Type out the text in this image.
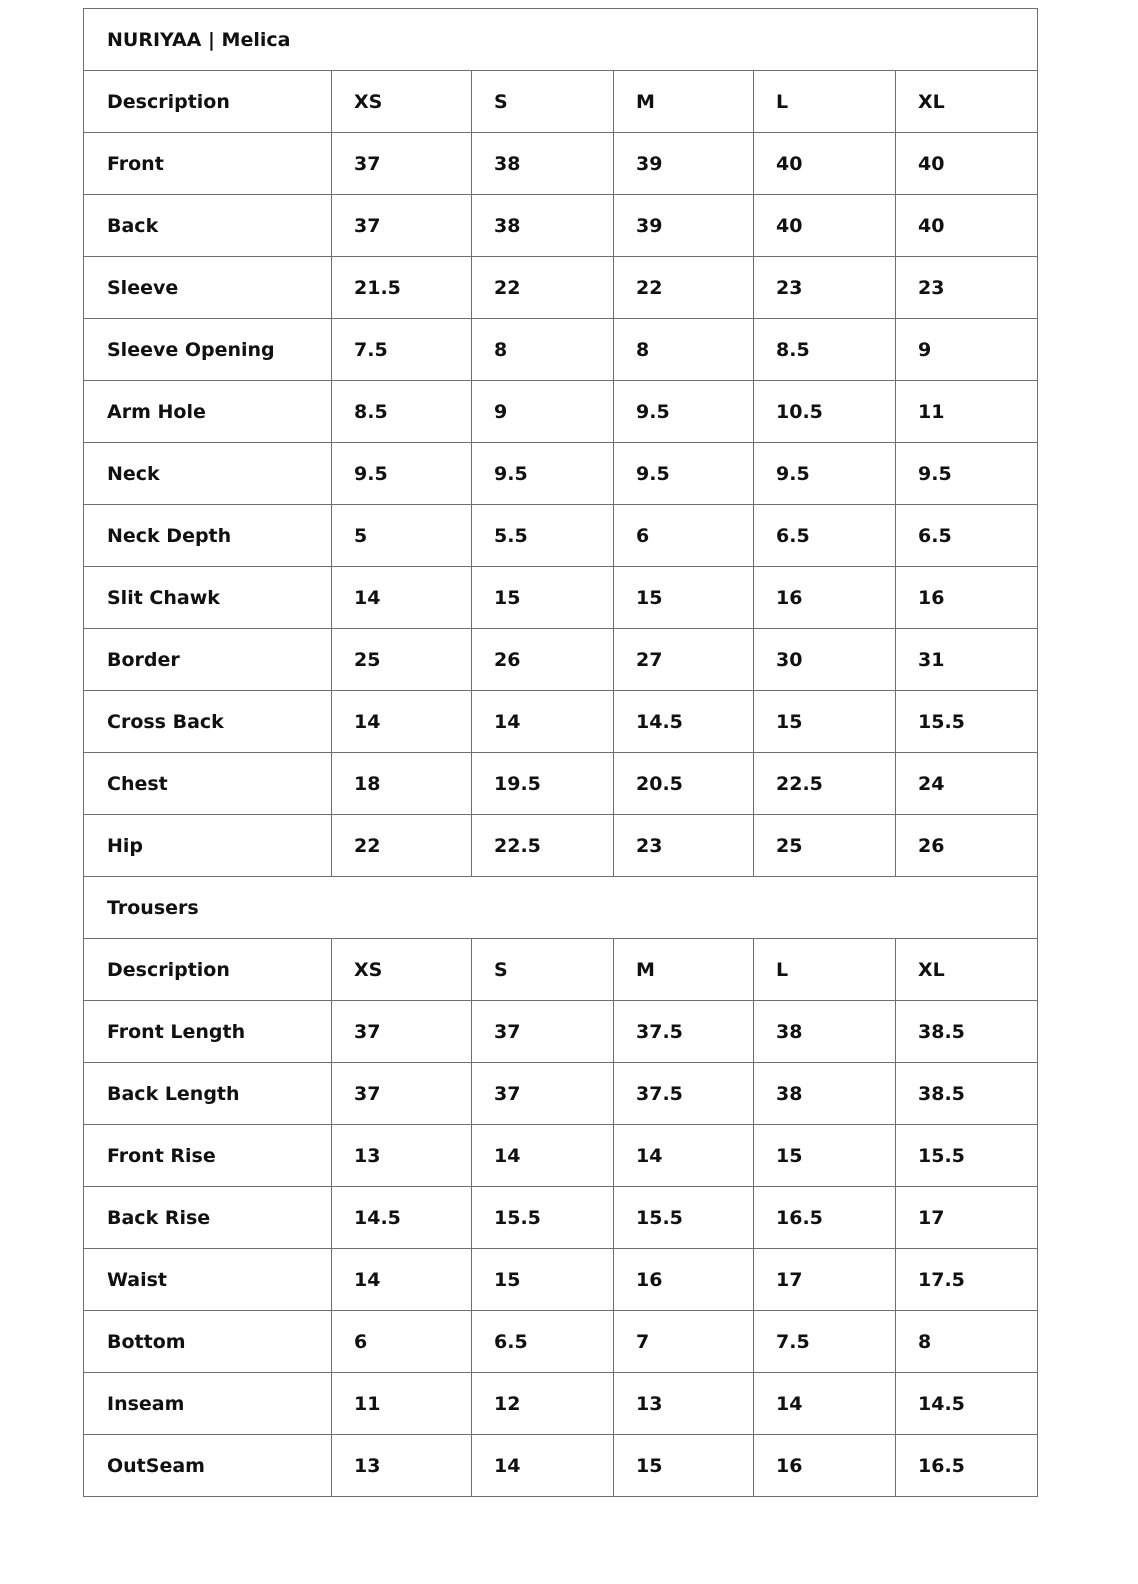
NURIYAA | Melica					
Description	XS	S	M	L	XL
Front	37	38	39	40	40
Back	37	38	39	40	40
Sleeve	21.5	22	22	23	23
Sleeve Opening	7.5	8	8	8.5	9
Arm Hole	8.5	9	9.5	10.5	11
Neck	9.5	9.5	9.5	9.5	9.5
Neck Depth	5	5.5	6	6.5	6.5
Slit Chawk	14	15	15	16	16
Border	25	26	27	30	31
Cross Back	14	14	14.5	15	15.5
Chest	18	19.5	20.5	22.5	24
Hip	22	22.5	23	25	26
Trousers					
Description	XS	S	M	L	XL
Front Length	37	37	37.5	38	38.5
Back Length	37	37	37.5	38	38.5
Front Rise	13	14	14	15	15.5
Back Rise	14.5	15.5	15.5	16.5	17
Waist	14	15	16	17	17.5
Bottom	6	6.5	7	7.5	8
Inseam	11	12	13	14	14.5
OutSeam	13	14	15	16	16.5
